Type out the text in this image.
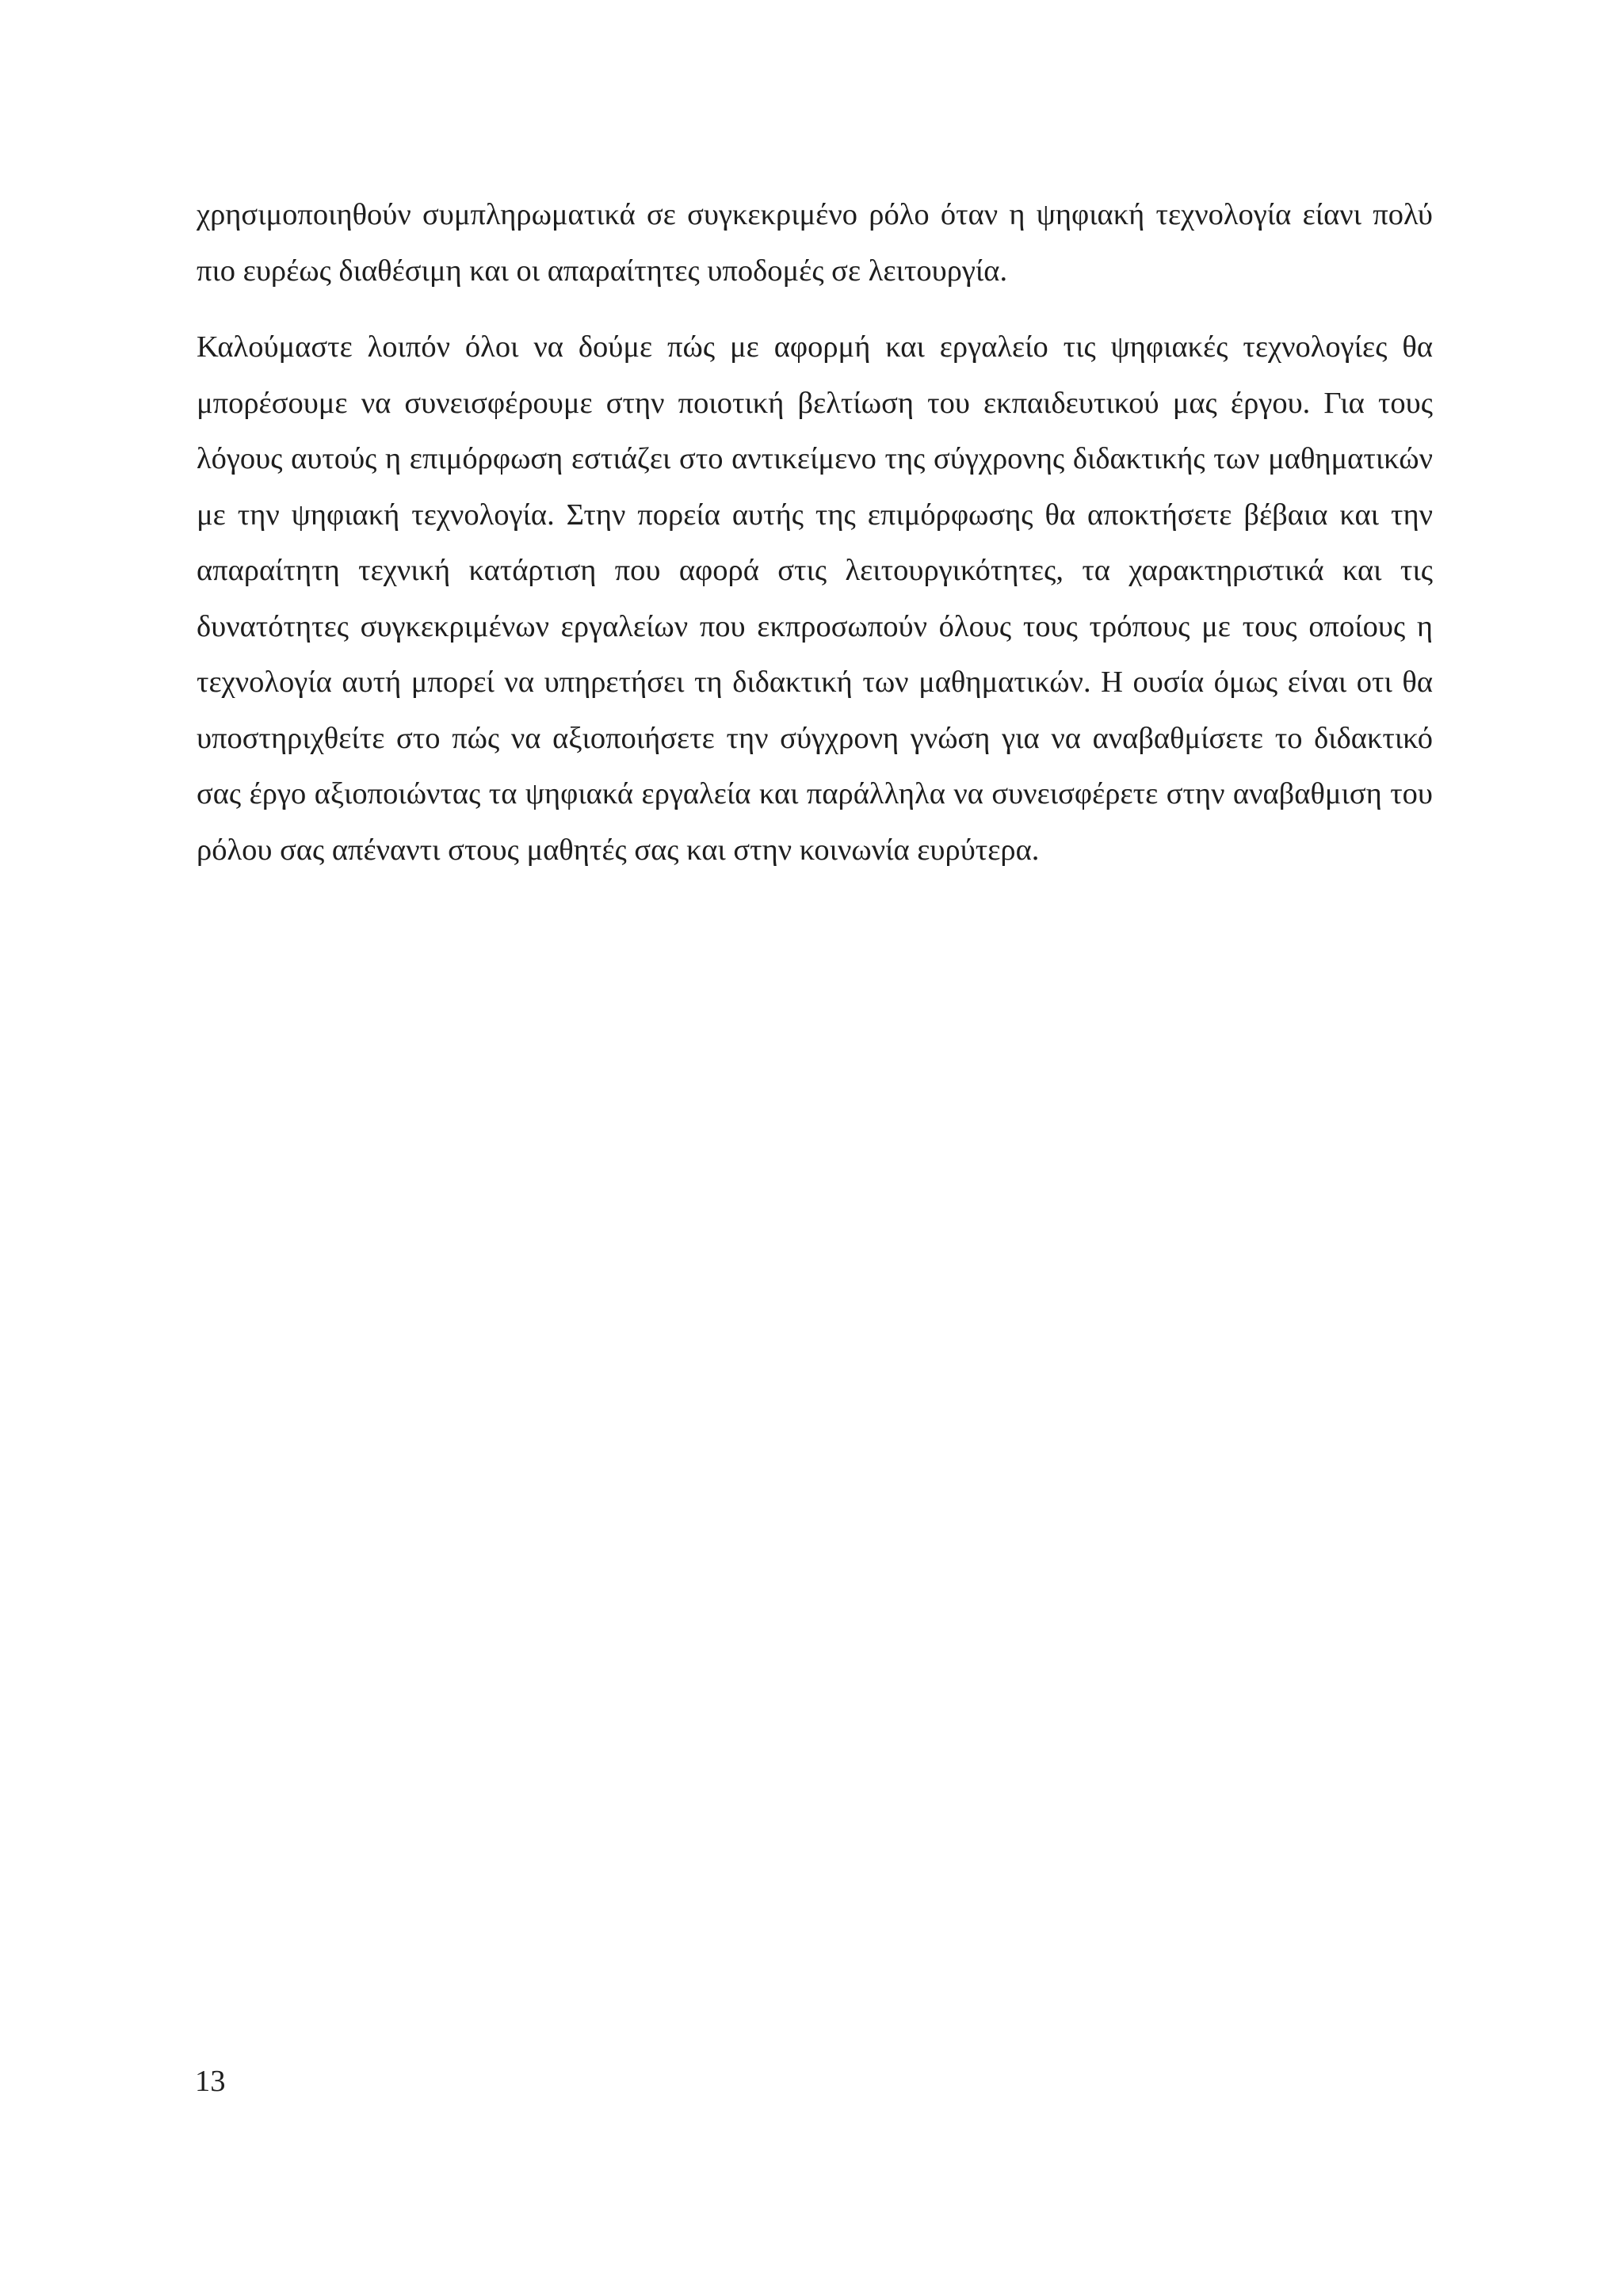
χρησιμοποιηθούν συμπληρωματικά σε συγκεκριμένο ρόλο όταν η ψηφιακή τεχνολογία είανι πολύ πιο ευρέως διαθέσιμη και οι απαραίτητες υποδομές σε λειτουργία.

Καλούμαστε λοιπόν όλοι να δούμε πώς με αφορμή και εργαλείο τις ψηφιακές τεχνολογίες θα μπορέσουμε να συνεισφέρουμε στην ποιοτική βελτίωση του εκπαιδευτικού μας έργου. Για τους λόγους αυτούς η επιμόρφωση εστιάζει στο αντικείμενο της σύγχρονης διδακτικής των μαθηματικών με την ψηφιακή τεχνολογία. Στην πορεία αυτής της επιμόρφωσης θα αποκτήσετε βέβαια και την απαραίτητη τεχνική κατάρτιση που αφορά στις λειτουργικότητες, τα χαρακτηριστικά και τις δυνατότητες συγκεκριμένων εργαλείων που εκπροσωπούν όλους τους τρόπους με τους οποίους η τεχνολογία αυτή μπορεί να υπηρετήσει τη διδακτική των μαθηματικών. Η ουσία όμως είναι οτι θα υποστηριχθείτε στο πώς να αξιοποιήσετε την σύγχρονη γνώση για να αναβαθμίσετε το διδακτικό σας έργο αξιοποιώντας τα ψηφιακά εργαλεία και παράλληλα να συνεισφέρετε στην αναβαθμιση του ρόλου σας απέναντι στους μαθητές σας και στην κοινωνία ευρύτερα.

13
